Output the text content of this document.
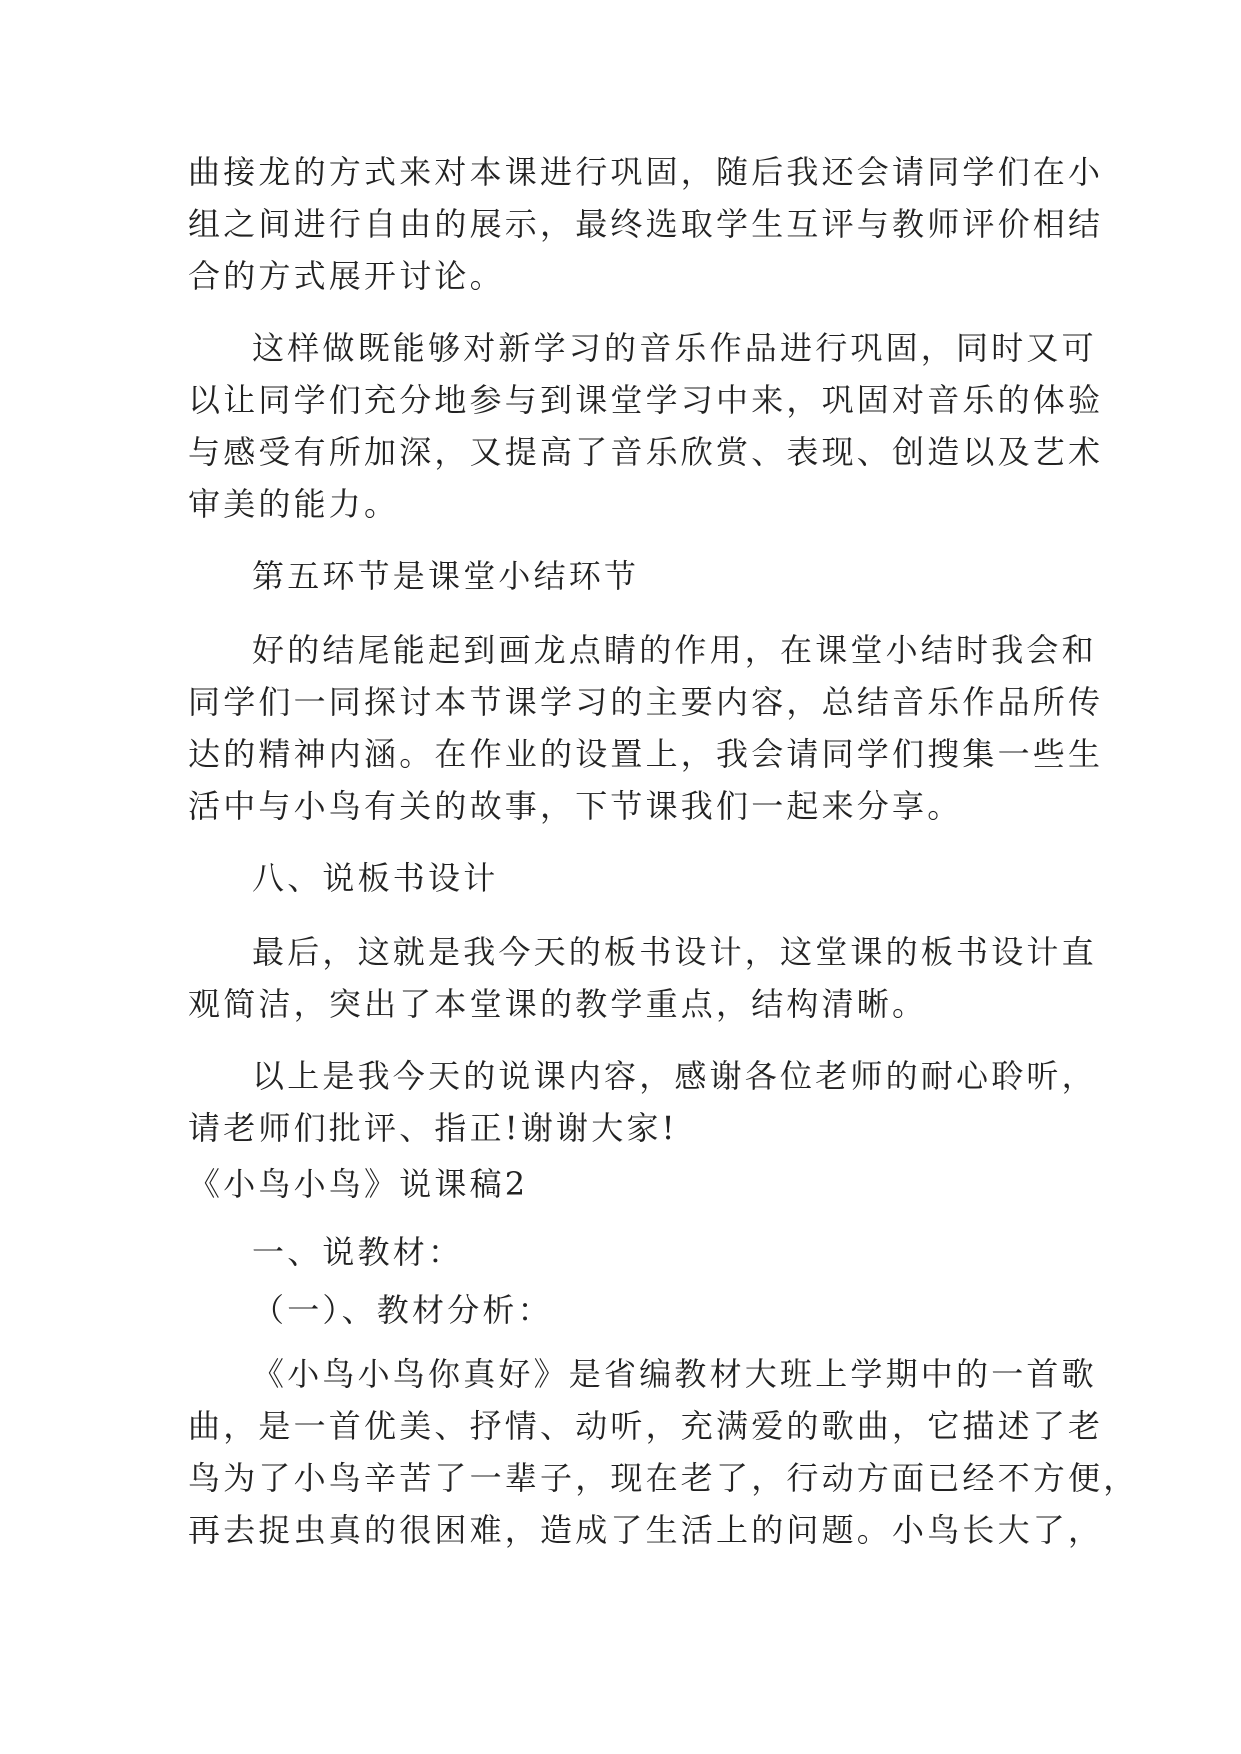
曲接龙的方式来对本课进行巩固，随后我还会请同学们在小
组之间进行自由的展示，最终选取学生互评与教师评价相结
合的方式展开讨论。
这样做既能够对新学习的音乐作品进行巩固，同时又可
以让同学们充分地参与到课堂学习中来，巩固对音乐的体验
与感受有所加深，又提高了音乐欣赏、表现、创造以及艺术
审美的能力。
第五环节是课堂小结环节
好的结尾能起到画龙点睛的作用，在课堂小结时我会和
同学们一同探讨本节课学习的主要内容，总结音乐作品所传
达的精神内涵。在作业的设置上，我会请同学们搜集一些生
活中与小鸟有关的故事，下节课我们一起来分享。
八、说板书设计
最后，这就是我今天的板书设计，这堂课的板书设计直
观简洁，突出了本堂课的教学重点，结构清晰。
以上是我今天的说课内容，感谢各位老师的耐心聆听，
请老师们批评、指正!谢谢大家!
《小鸟小鸟》说课稿2
一、说教材：
（一）、教材分析：
《小鸟小鸟你真好》是省编教材大班上学期中的一首歌
曲，是一首优美、抒情、动听，充满爱的歌曲，它描述了老
鸟为了小鸟辛苦了一辈子，现在老了，行动方面已经不方便，
再去捉虫真的很困难，造成了生活上的问题。小鸟长大了，
